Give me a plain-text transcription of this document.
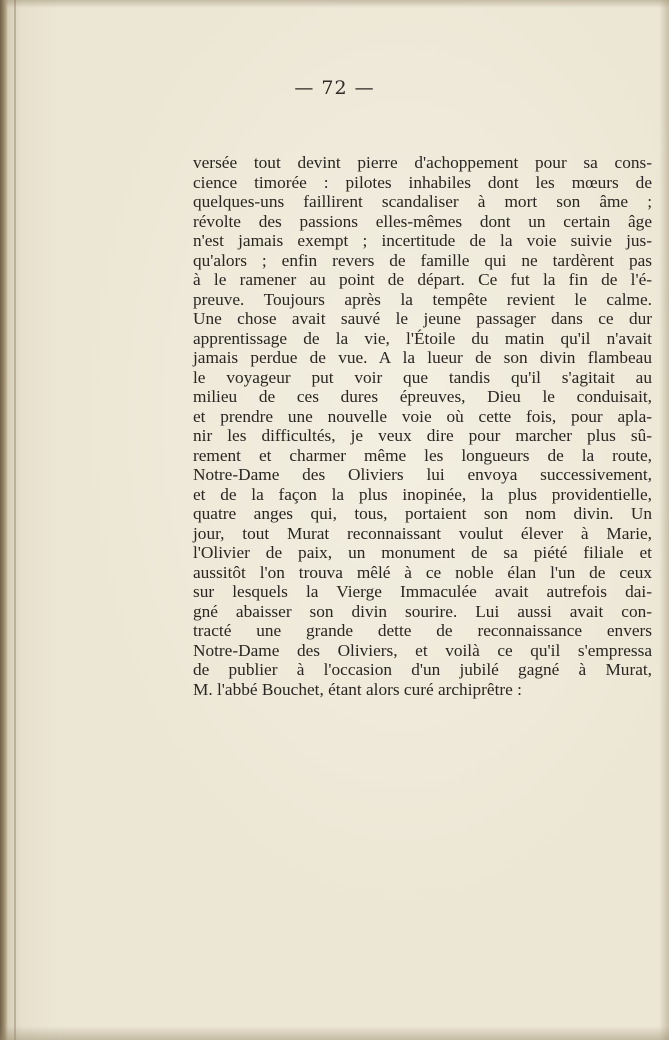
— 72 —
versée tout devint pierre d'achoppement pour sa cons-
cience timorée : pilotes inhabiles dont les mœurs de
quelques-uns faillirent scandaliser à mort son âme ;
révolte des passions elles-mêmes dont un certain âge
n'est jamais exempt ; incertitude de la voie suivie jus-
qu'alors ; enfin revers de famille qui ne tardèrent pas
à le ramener au point de départ. Ce fut la fin de l'é-
preuve. Toujours après la tempête revient le calme.
Une chose avait sauvé le jeune passager dans ce dur
apprentissage de la vie, l'Étoile du matin qu'il n'avait
jamais perdue de vue. A la lueur de son divin flambeau
le voyageur put voir que tandis qu'il s'agitait au
milieu de ces dures épreuves, Dieu le conduisait,
et prendre une nouvelle voie où cette fois, pour apla-
nir les difficultés, je veux dire pour marcher plus sû-
rement et charmer même les longueurs de la route,
Notre-Dame des Oliviers lui envoya successivement,
et de la façon la plus inopinée, la plus providentielle,
quatre anges qui, tous, portaient son nom divin. Un
jour, tout Murat reconnaissant voulut élever à Marie,
l'Olivier de paix, un monument de sa piété filiale et
aussitôt l'on trouva mêlé à ce noble élan l'un de ceux
sur lesquels la Vierge Immaculée avait autrefois dai-
gné abaisser son divin sourire. Lui aussi avait con-
tracté une grande dette de reconnaissance envers
Notre-Dame des Oliviers, et voilà ce qu'il s'empressa
de publier à l'occasion d'un jubilé gagné à Murat,
M. l'abbé Bouchet, étant alors curé archiprêtre :
